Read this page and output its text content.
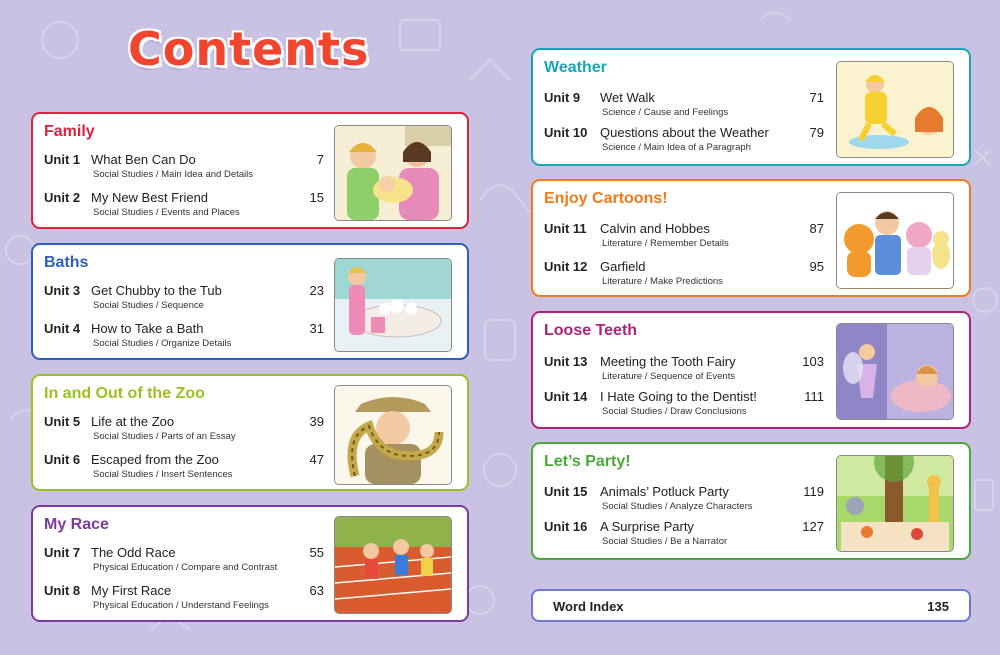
Contents
Family
Unit 1 What Ben Can Do
Social Studies / Main Idea and Details
7
Unit 2 My New Best Friend
Social Studies / Events and Places
15
Baths
Unit 3 Get Chubby to the Tub
Social Studies / Sequence
23
Unit 4 How to Take a Bath
Social Studies / Organize Details
31
In and Out of the Zoo
Unit 5 Life at the Zoo
Social Studies / Parts of an Essay
39
Unit 6 Escaped from the Zoo
Social Studies / Insert Sentences
47
My Race
Unit 7 The Odd Race
Physical Education / Compare and Contrast
55
Unit 8 My First Race
Physical Education / Understand Feelings
63
Weather
Unit 9 Wet Walk
Science / Cause and Feelings
71
Unit 10 Questions about the Weather
Science / Main Idea of a Paragraph
79
Enjoy Cartoons!
Unit 11 Calvin and Hobbes
Literature / Remember Details
87
Unit 12 Garfield
Literature / Make Predictions
95
Loose Teeth
Unit 13 Meeting the Tooth Fairy
Literature / Sequence of Events
103
Unit 14 I Hate Going to the Dentist!
Social Studies / Draw Conclusions
111
Let’s Party!
Unit 15 Animals’ Potluck Party
Social Studies / Analyze Characters
119
Unit 16 A Surprise Party
Social Studies / Be a Narrator
127
Word Index	135
